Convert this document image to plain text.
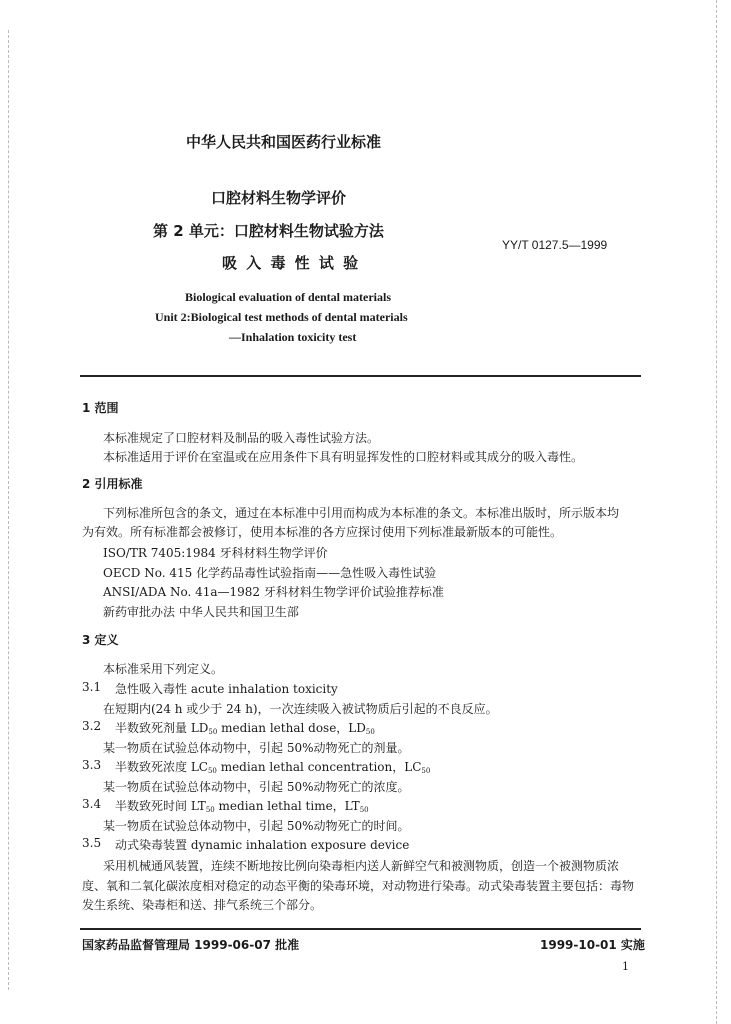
中华人民共和国医药行业标准
口腔材料生物学评价
第 2 单元：口腔材料生物试验方法
吸 入 毒 性 试 验
YY/T 0127.5—1999
Biological evaluation of dental materials
Unit 2:Biological test methods of dental materials
—Inhalation toxicity test
1 范围
本标准规定了口腔材料及制品的吸入毒性试验方法。
本标准适用于评价在室温或在应用条件下具有明显挥发性的口腔材料或其成分的吸入毒性。
2 引用标准
下列标准所包含的条文，通过在本标准中引用而构成为本标准的条文。本标准出版时，所示版本均
为有效。所有标准都会被修订，使用本标准的各方应探讨使用下列标准最新版本的可能性。
ISO/TR 7405:1984 牙科材料生物学评价
OECD No. 415 化学药品毒性试验指南——急性吸入毒性试验
ANSI/ADA No. 41a—1982 牙科材料生物学评价试验推荐标准
新药审批办法 中华人民共和国卫生部
3 定义
本标准采用下列定义。
3.1 急性吸入毒性 acute inhalation toxicity
在短期内(24 h 或少于 24 h)，一次连续吸入被试物质后引起的不良反应。
3.2 半数致死剂量 $LD_{50}$ median lethal dose，$LD_{50}$
某一物质在试验总体动物中，引起 50%动物死亡的剂量。
3.3 半数致死浓度 $LC_{50}$ median lethal concentration，$LC_{50}$
某一物质在试验总体动物中，引起 50%动物死亡的浓度。
3.4 半数致死时间 $LT_{50}$ median lethal time，$LT_{50}$
某一物质在试验总体动物中，引起 50%动物死亡的时间。
3.5 动式染毒装置 dynamic inhalation exposure device
采用机械通风装置，连续不断地按比例向染毒柜内送人新鲜空气和被测物质，创造一个被测物质浓
度、氧和二氧化碳浓度相对稳定的动态平衡的染毒环境，对动物进行染毒。动式染毒装置主要包括：毒物
发生系统、染毒柜和送、排气系统三个部分。
国家药品监督管理局 1999-06-07 批准	1999-10-01 实施
1
